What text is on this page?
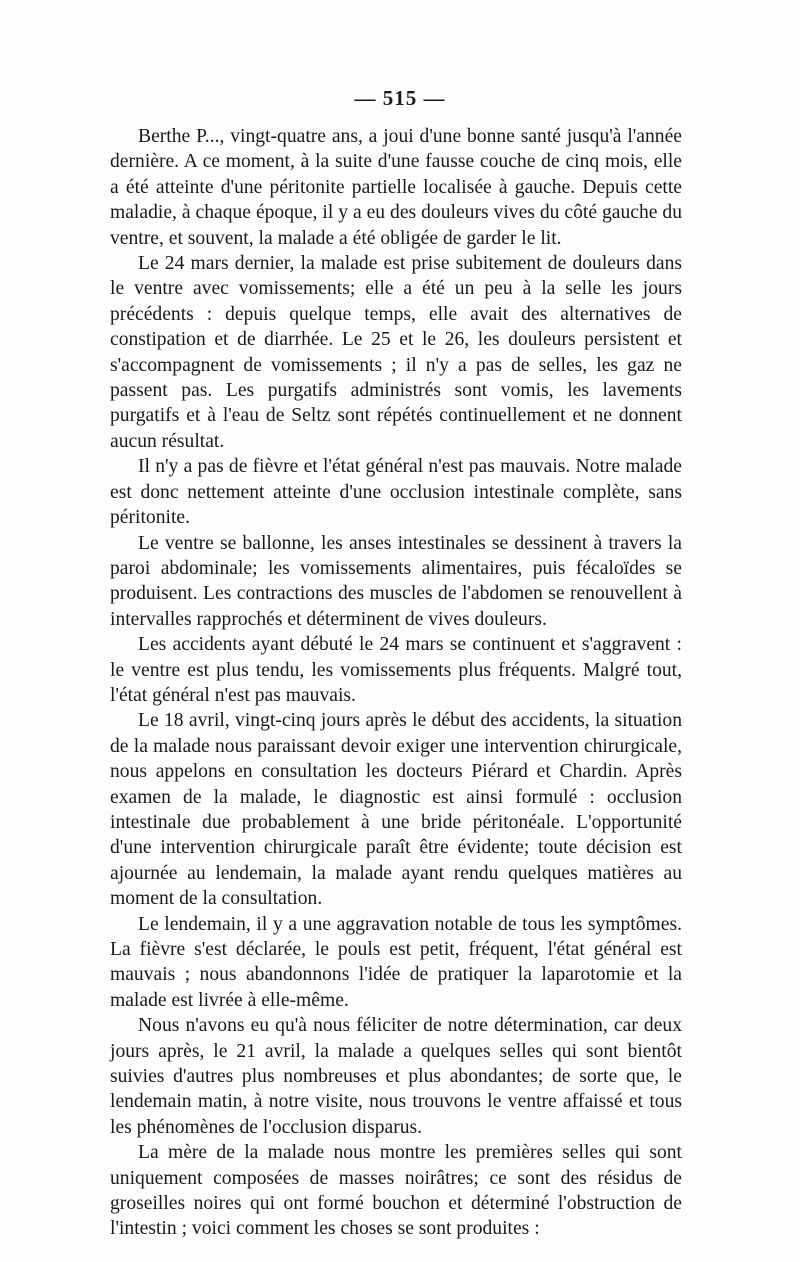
— 515 —

Berthe P..., vingt-quatre ans, a joui d'une bonne santé jusqu'à l'année dernière. A ce moment, à la suite d'une fausse couche de cinq mois, elle a été atteinte d'une péritonite partielle localisée à gauche. Depuis cette maladie, à chaque époque, il y a eu des douleurs vives du côté gauche du ventre, et souvent, la malade a été obligée de garder le lit.

Le 24 mars dernier, la malade est prise subitement de douleurs dans le ventre avec vomissements; elle a été un peu à la selle les jours précédents : depuis quelque temps, elle avait des alternatives de constipation et de diarrhée. Le 25 et le 26, les douleurs persistent et s'accompagnent de vomissements ; il n'y a pas de selles, les gaz ne passent pas. Les purgatifs administrés sont vomis, les lavements purgatifs et à l'eau de Seltz sont répétés continuellement et ne donnent aucun résultat.

Il n'y a pas de fièvre et l'état général n'est pas mauvais. Notre malade est donc nettement atteinte d'une occlusion intestinale complète, sans péritonite.

Le ventre se ballonne, les anses intestinales se dessinent à travers la paroi abdominale; les vomissements alimentaires, puis fécaloïdes se produisent. Les contractions des muscles de l'abdomen se renouvellent à intervalles rapprochés et déterminent de vives douleurs.

Les accidents ayant débuté le 24 mars se continuent et s'aggravent : le ventre est plus tendu, les vomissements plus fréquents. Malgré tout, l'état général n'est pas mauvais.

Le 18 avril, vingt-cinq jours après le début des accidents, la situation de la malade nous paraissant devoir exiger une intervention chirurgicale, nous appelons en consultation les docteurs Piérard et Chardin. Après examen de la malade, le diagnostic est ainsi formulé : occlusion intestinale due probablement à une bride péritonéale. L'opportunité d'une intervention chirurgicale paraît être évidente; toute décision est ajournée au lendemain, la malade ayant rendu quelques matières au moment de la consultation.

Le lendemain, il y a une aggravation notable de tous les symptômes. La fièvre s'est déclarée, le pouls est petit, fréquent, l'état général est mauvais ; nous abandonnons l'idée de pratiquer la laparotomie et la malade est livrée à elle-même.

Nous n'avons eu qu'à nous féliciter de notre détermination, car deux jours après, le 21 avril, la malade a quelques selles qui sont bientôt suivies d'autres plus nombreuses et plus abondantes; de sorte que, le lendemain matin, à notre visite, nous trouvons le ventre affaissé et tous les phénomènes de l'occlusion disparus.

La mère de la malade nous montre les premières selles qui sont uniquement composées de masses noirâtres; ce sont des résidus de groseilles noires qui ont formé bouchon et déterminé l'obstruction de l'intestin ; voici comment les choses se sont produites :
